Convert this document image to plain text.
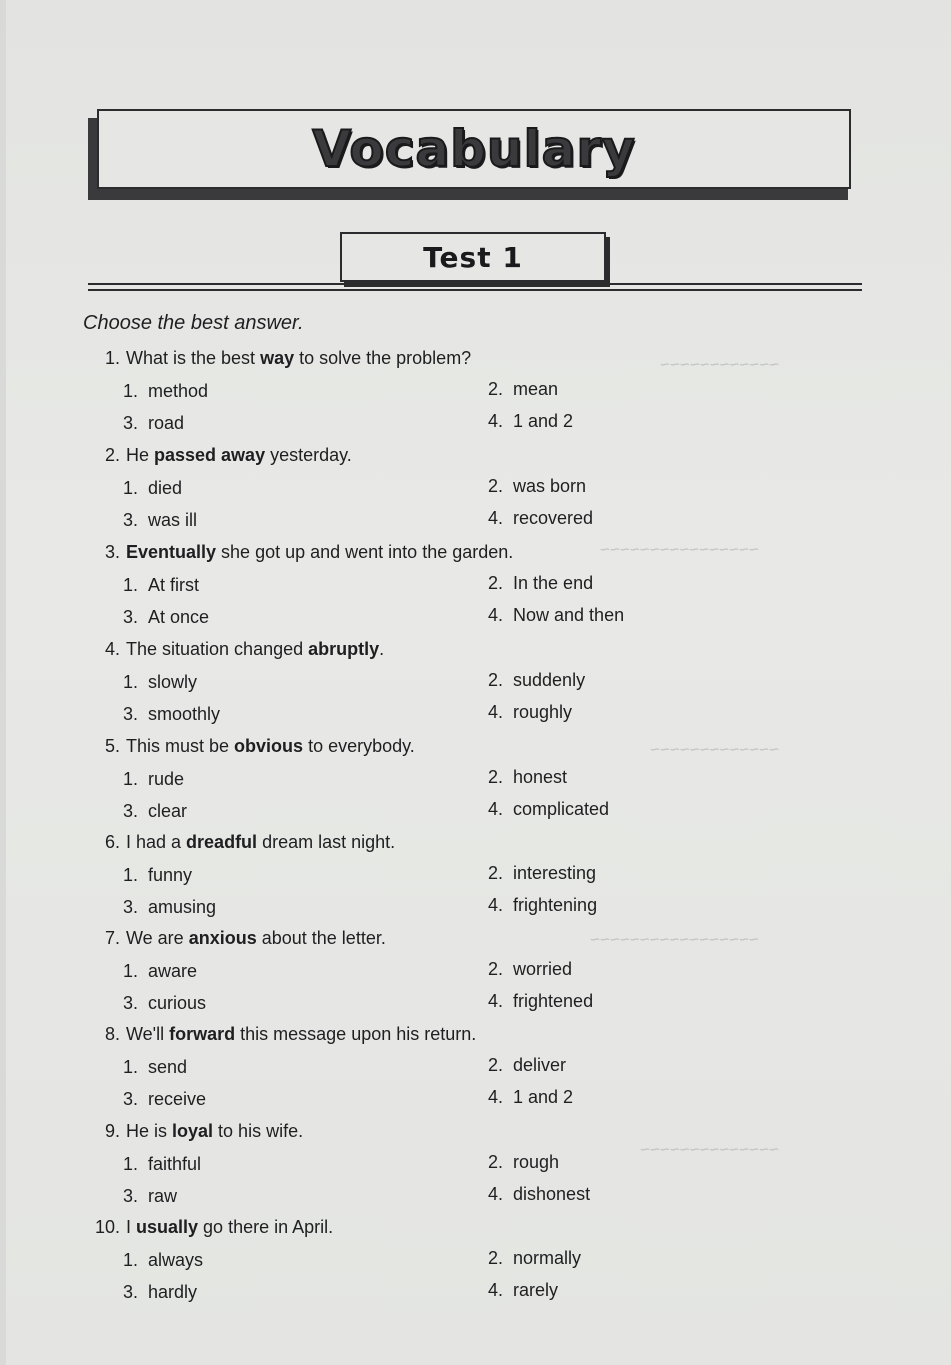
~~~~~~~~~~~~
~~~~~~~~~~~~~~~~
~~~~~~~~~~~~~
~~~~~~~~~~~~~~~~~
~~~~~~~~~~~~~~
Vocabulary
Test 1
Choose the best answer.
1. What is the best way to solve the problem?
1. method	2. mean
3. road	4. 1 and 2
2. He passed away yesterday.
1. died	2. was born
3. was ill	4. recovered
3. Eventually she got up and went into the garden.
1. At first	2. In the end
3. At once	4. Now and then
4. The situation changed abruptly.
1. slowly	2. suddenly
3. smoothly	4. roughly
5. This must be obvious to everybody.
1. rude	2. honest
3. clear	4. complicated
6. I had a dreadful dream last night.
1. funny	2. interesting
3. amusing	4. frightening
7. We are anxious about the letter.
1. aware	2. worried
3. curious	4. frightened
8. We'll forward this message upon his return.
1. send	2. deliver
3. receive	4. 1 and 2
9. He is loyal to his wife.
1. faithful	2. rough
3. raw	4. dishonest
10. I usually go there in April.
1. always	2. normally
3. hardly	4. rarely
